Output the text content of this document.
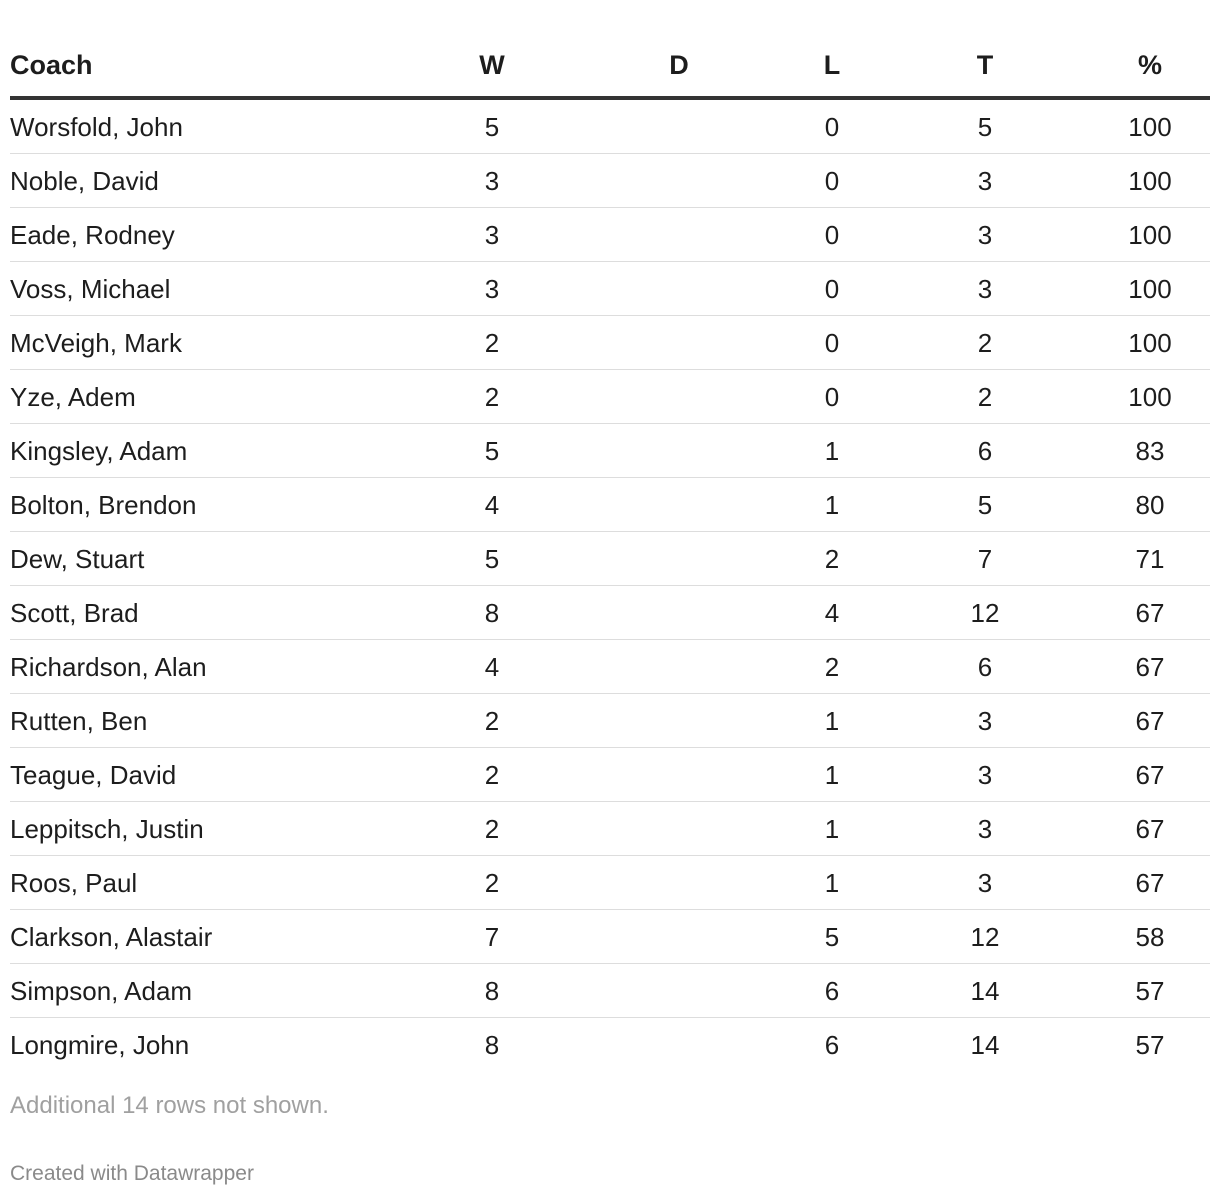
Coach	W	D	L	T	%
Worsfold, John	5		0	5	100
Noble, David	3		0	3	100
Eade, Rodney	3		0	3	100
Voss, Michael	3		0	3	100
McVeigh, Mark	2		0	2	100
Yze, Adem	2		0	2	100
Kingsley, Adam	5		1	6	83
Bolton, Brendon	4		1	5	80
Dew, Stuart	5		2	7	71
Scott, Brad	8		4	12	67
Richardson, Alan	4		2	6	67
Rutten, Ben	2		1	3	67
Teague, David	2		1	3	67
Leppitsch, Justin	2		1	3	67
Roos, Paul	2		1	3	67
Clarkson, Alastair	7		5	12	58
Simpson, Adam	8		6	14	57
Longmire, John	8		6	14	57

Additional 14 rows not shown.

Created with Datawrapper
